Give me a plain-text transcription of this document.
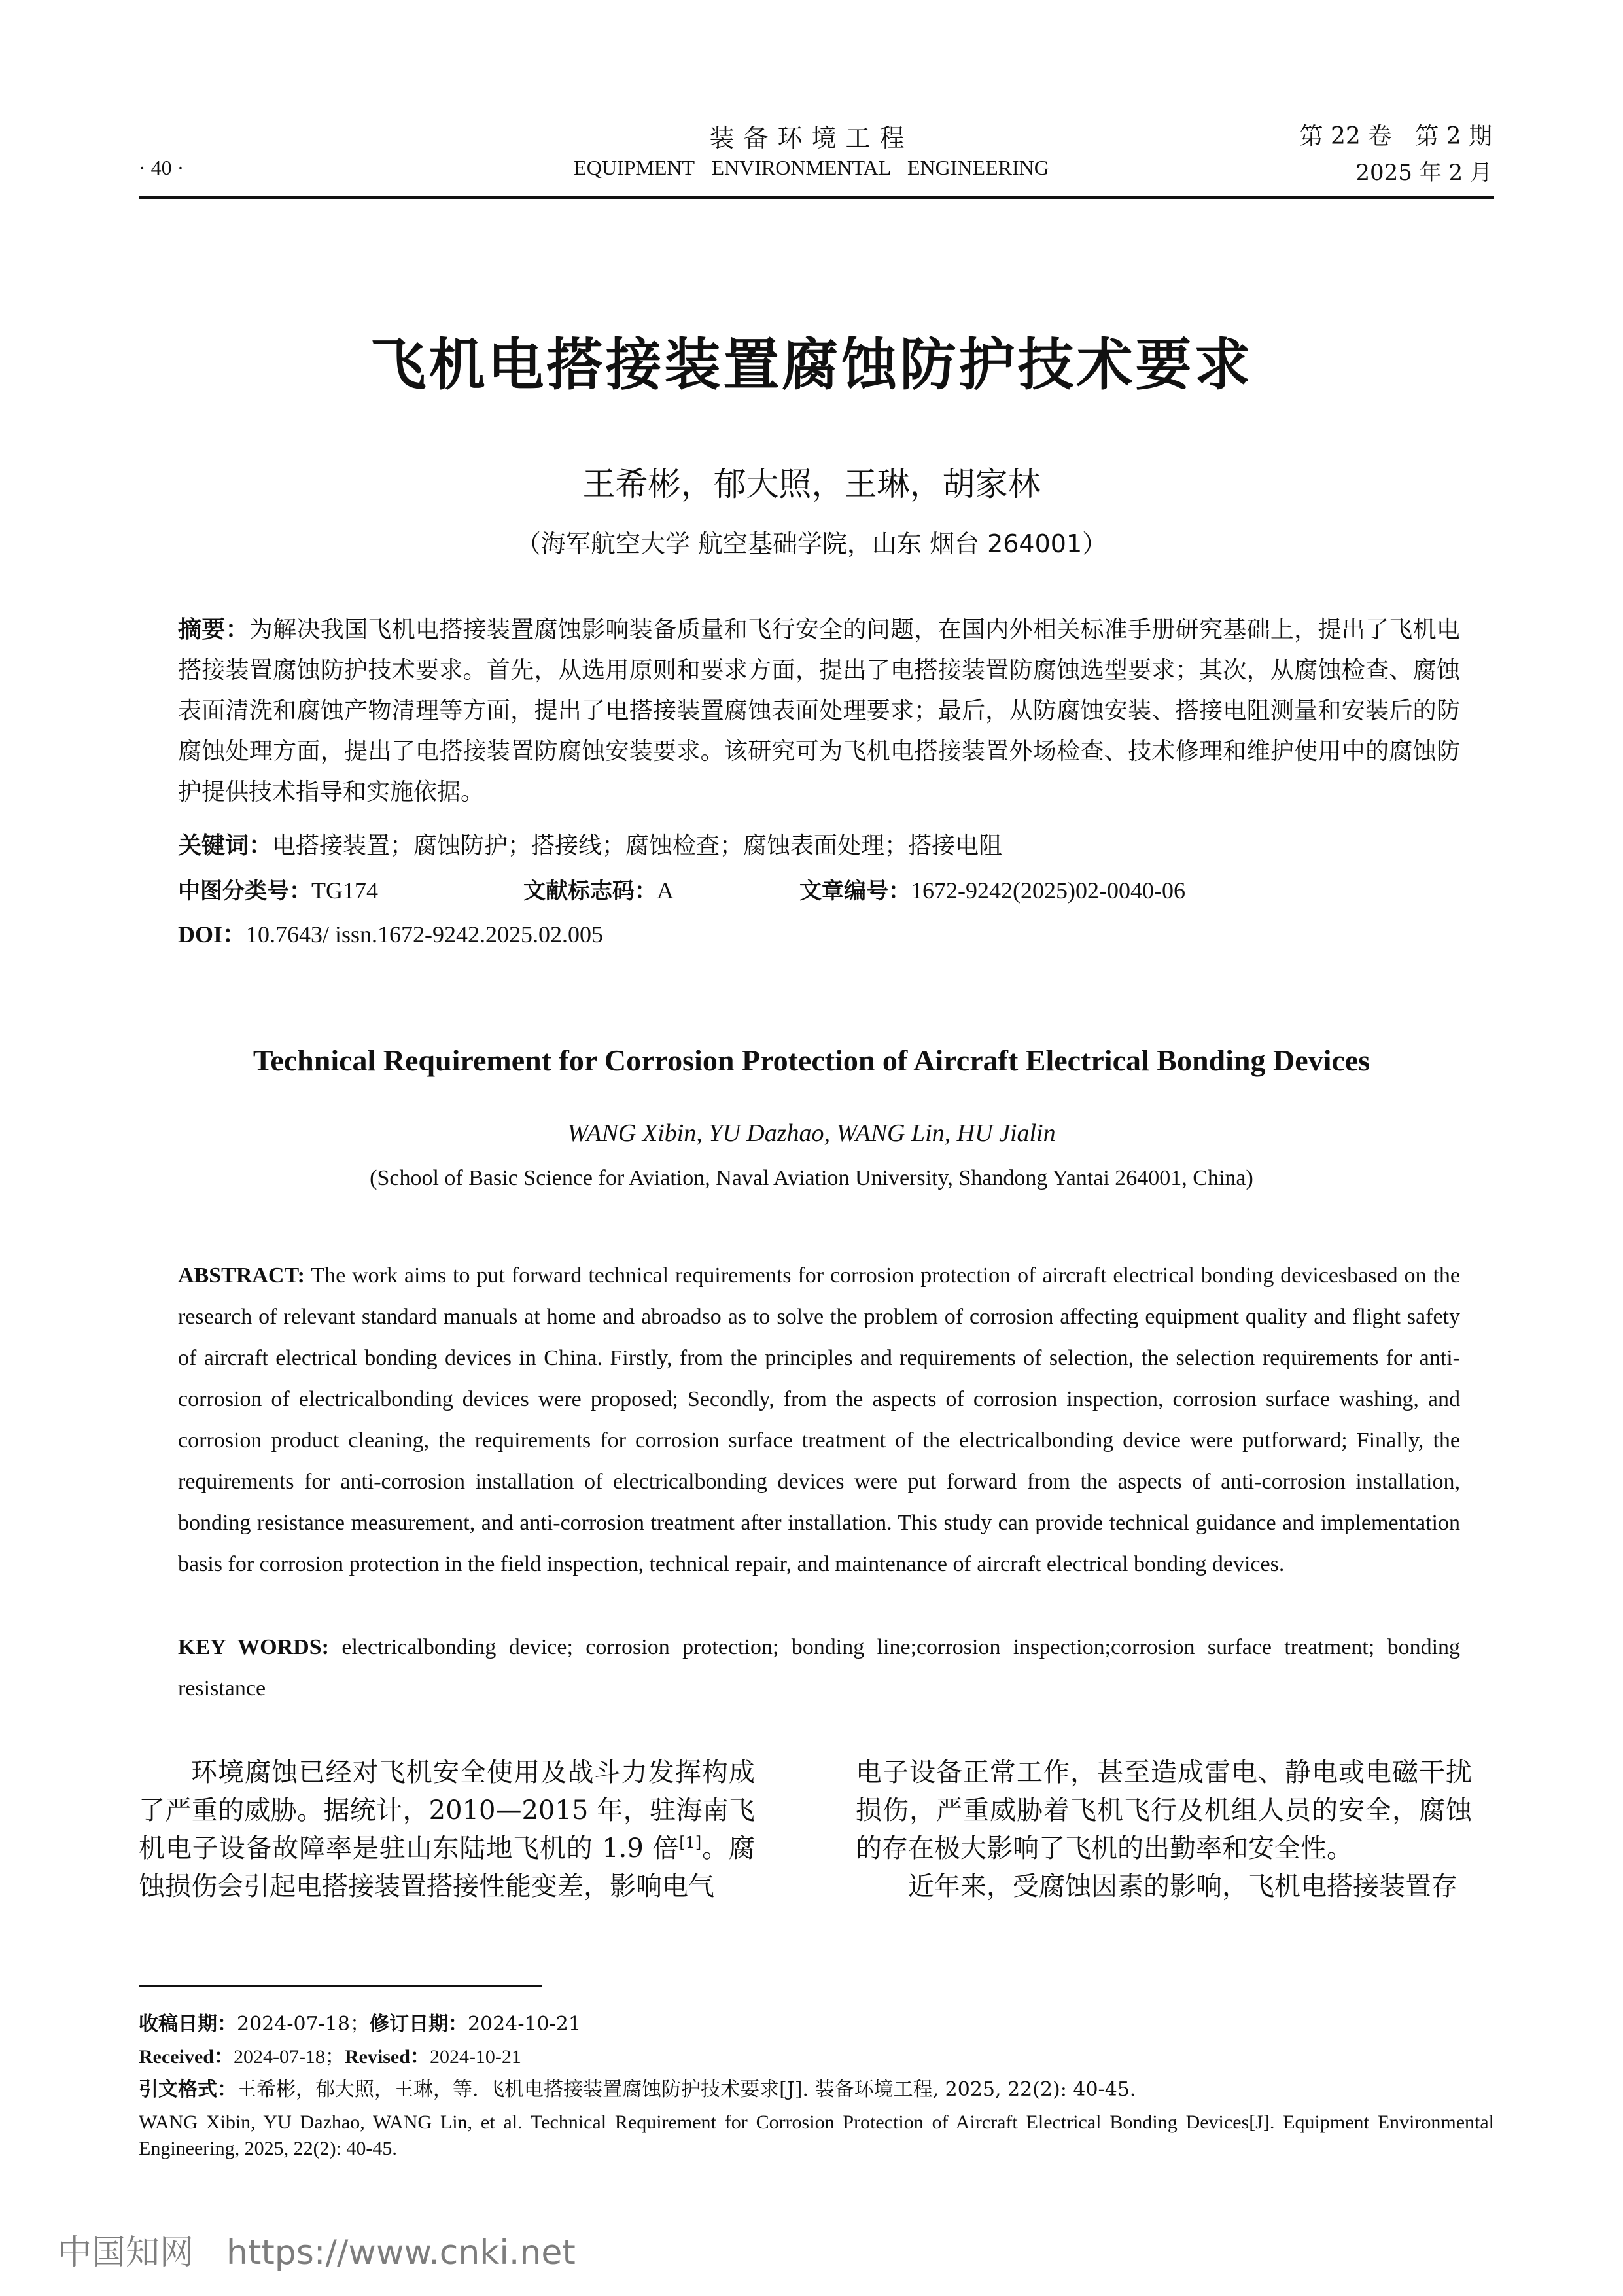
装备环境工程
EQUIPMENT ENVIRONMENTAL ENGINEERING
· 40 ·
第 22 卷　第 2 期
2025 年 2 月
飞机电搭接装置腐蚀防护技术要求
王希彬，郁大照，王琳，胡家林
（海军航空大学 航空基础学院，山东 烟台 264001）
摘要：为解决我国飞机电搭接装置腐蚀影响装备质量和飞行安全的问题，在国内外相关标准手册研究基础上，提出了飞机电搭接装置腐蚀防护技术要求。首先，从选用原则和要求方面，提出了电搭接装置防腐蚀选型要求；其次，从腐蚀检查、腐蚀表面清洗和腐蚀产物清理等方面，提出了电搭接装置腐蚀表面处理要求；最后，从防腐蚀安装、搭接电阻测量和安装后的防腐蚀处理方面，提出了电搭接装置防腐蚀安装要求。该研究可为飞机电搭接装置外场检查、技术修理和维护使用中的腐蚀防护提供技术指导和实施依据。
关键词：电搭接装置；腐蚀防护；搭接线；腐蚀检查；腐蚀表面处理；搭接电阻
中图分类号：TG174	文献标志码：A	文章编号：1672-9242(2025)02-0040-06
DOI：10.7643/ issn.1672-9242.2025.02.005
Technical Requirement for Corrosion Protection of Aircraft Electrical Bonding Devices
WANG Xibin, YU Dazhao, WANG Lin, HU Jialin
(School of Basic Science for Aviation, Naval Aviation University, Shandong Yantai 264001, China)
ABSTRACT: The work aims to put forward technical requirements for corrosion protection of aircraft electrical bonding devicesbased on the research of relevant standard manuals at home and abroadso as to solve the problem of corrosion affecting equipment quality and flight safety of aircraft electrical bonding devices in China. Firstly, from the principles and requirements of selection, the selection requirements for anti-corrosion of electricalbonding devices were proposed; Secondly, from the aspects of corrosion inspection, corrosion surface washing, and corrosion product cleaning, the requirements for corrosion surface treatment of the electricalbonding device were putforward; Finally, the requirements for anti-corrosion installation of electricalbonding devices were put forward from the aspects of anti-corrosion installation, bonding resistance measurement, and anti-corrosion treatment after installation. This study can provide technical guidance and implementation basis for corrosion protection in the field inspection, technical repair, and maintenance of aircraft electrical bonding devices.
KEY WORDS: electricalbonding device; corrosion protection; bonding line;corrosion inspection;corrosion surface treatment; bonding resistance

环境腐蚀已经对飞机安全使用及战斗力发挥构成了严重的威胁。据统计，2010—2015 年，驻海南飞机电子设备故障率是驻山东陆地飞机的 1.9 倍[1]。腐蚀损伤会引起电搭接装置搭接性能变差，影响电气

电子设备正常工作，甚至造成雷电、静电或电磁干扰损伤，严重威胁着飞机飞行及机组人员的安全，腐蚀的存在极大影响了飞机的出勤率和安全性。

近年来，受腐蚀因素的影响，飞机电搭接装置存

收稿日期：2024-07-18；修订日期：2024-10-21
Received：2024-07-18；Revised：2024-10-21
引文格式：王希彬，郁大照，王琳，等. 飞机电搭接装置腐蚀防护技术要求[J]. 装备环境工程, 2025, 22(2): 40-45.
WANG Xibin, YU Dazhao, WANG Lin, et al. Technical Requirement for Corrosion Protection of Aircraft Electrical Bonding Devices[J]. Equipment Environmental Engineering, 2025, 22(2): 40-45.
中国知网 https://www.cnki.net
